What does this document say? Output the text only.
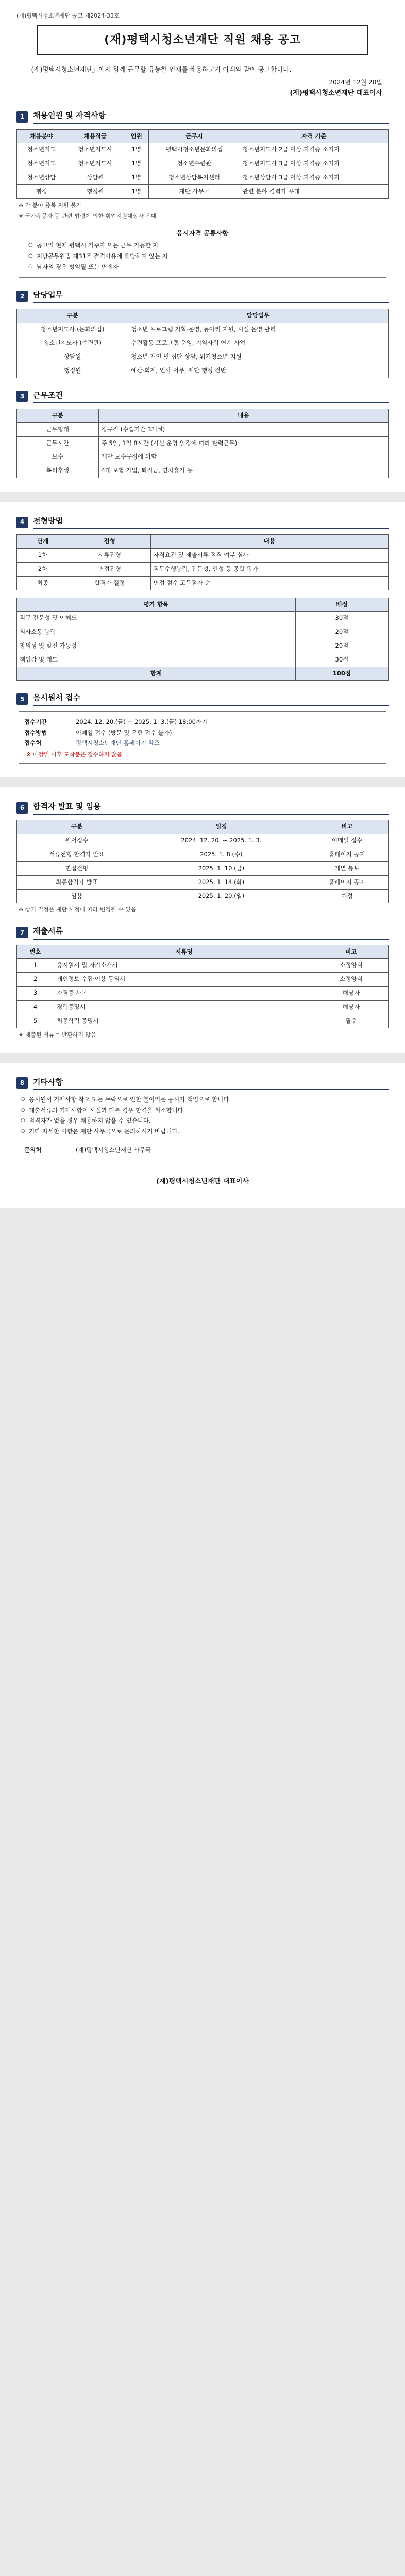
(재)평택시청소년재단 공고 제2024-33호
(재)평택시청소년재단 직원 채용 공고

「(재)평택시청소년재단」에서 함께 근무할 유능한 인재를 채용하고자 아래와 같이 공고합니다.

2024년 12월 20일
(재)평택시청소년재단 대표이사
1	채용인원 및 자격사항
채용분야	채용직급	인원	근무지	자격 기준
청소년지도	청소년지도사	1명	평택시청소년문화의집	청소년지도사 2급 이상 자격증 소지자
청소년지도	청소년지도사	1명	청소년수련관	청소년지도사 3급 이상 자격증 소지자
청소년상담	상담원	1명	청소년상담복지센터	청소년상담사 3급 이상 자격증 소지자
행정	행정원	1명	재단 사무국	관련 분야 경력자 우대

※ 각 분야 중복 지원 불가

※ 국가유공자 등 관련 법령에 의한 취업지원대상자 우대

응시자격 공통사항
○ 공고일 현재 평택시 거주자 또는 근무 가능한 자
○ 지방공무원법 제31조 결격사유에 해당하지 않는 자
○ 남자의 경우 병역필 또는 면제자
2	담당업무
구분	담당업무
청소년지도사 (문화의집)	청소년 프로그램 기획·운영, 동아리 지원, 시설 운영 관리
청소년지도사 (수련관)	수련활동 프로그램 운영, 지역사회 연계 사업
상담원	청소년 개인 및 집단 상담, 위기청소년 지원
행정원	예산·회계, 인사·서무, 재단 행정 전반
3	근무조건
구분	내용
근무형태	정규직 (수습기간 3개월)
근무시간	주 5일, 1일 8시간 (시설 운영 일정에 따라 탄력근무)
보수	재단 보수규정에 의함
복리후생	4대 보험 가입, 퇴직금, 연차휴가 등
4	전형방법
단계	전형	내용
1차	서류전형	자격요건 및 제출서류 적격 여부 심사
2차	면접전형	직무수행능력, 전문성, 인성 등 종합 평가
최종	합격자 결정	면접 점수 고득점자 순
평가 항목	배점
직무 전문성 및 이해도	30점
의사소통 능력	20점
창의성 및 발전 가능성	20점
책임감 및 태도	30점
합계	100점
5	응시원서 접수
접수기간	2024. 12. 20.(금) ~ 2025. 1. 3.(금) 18:00까지
접수방법	이메일 접수 (방문 및 우편 접수 불가)
접수처	평택시청소년재단 홈페이지 참조

※ 마감일 이후 도착분은 접수하지 않음

6	합격자 발표 및 임용
구분	일정	비고
원서접수	2024. 12. 20. ~ 2025. 1. 3.	이메일 접수
서류전형 합격자 발표	2025. 1. 8.(수)	홈페이지 공지
면접전형	2025. 1. 10.(금)	개별 통보
최종합격자 발표	2025. 1. 14.(화)	홈페이지 공지
임용	2025. 1. 20.(월)	예정

※ 상기 일정은 재단 사정에 따라 변경될 수 있음

7	제출서류
번호	서류명	비고
1	응시원서 및 자기소개서	소정양식
2	개인정보 수집·이용 동의서	소정양식
3	자격증 사본	해당자
4	경력증명서	해당자
5	최종학력 증명서	필수

※ 제출된 서류는 반환하지 않음

8	기타사항
○ 응시원서 기재사항 착오 또는 누락으로 인한 불이익은 응시자 책임으로 합니다.
○ 제출서류의 기재사항이 사실과 다를 경우 합격을 취소합니다.
○ 적격자가 없을 경우 채용하지 않을 수 있습니다.
○ 기타 자세한 사항은 재단 사무국으로 문의하시기 바랍니다.
문의처	(재)평택시청소년재단 사무국
(재)평택시청소년재단 대표이사
